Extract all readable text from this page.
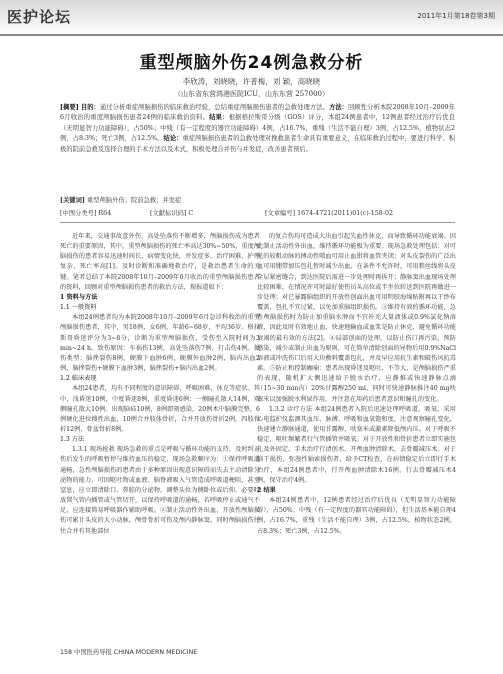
医护论坛	2011年1月第18卷第3期
重型颅脑外伤24例急救分析
李欣涛，刘晓晓，许普梅，刘 颖，高晓晓
（山东省东营鸿港医院ICU，山东东营 257000）
[摘要] 目的：通过分析重症颅脑损伤的临床救治经验，总结重症颅脑损伤患者的急救处理方法。方法：回顾性分析本院2008年10月–2009年6月收治的重度颅脑损伤患者24例的临床救治资料。结果：根据格拉斯哥分级（GOS）评分，本组24例患者中，12例患者经过治疗后优良（无明显智力功能障碍），占50%；中残（有一定程度的器官功能障碍）4例，占16.7%，重残（生活不能自理）3例，占12.5%，植物状态2例，占8.3%；死亡3例，占12.5%。结论：重症颅脑损伤患者的急救处理对挽救患者生命具有重要意义，在临床救治过程中，要进行科学、积极的院前急救及选择合理的手术方法以及术式，积极处理合并伤与并发症，改善患者预后。
[关键词] 重型颅脑外伤；院前急救；并发症
[中图分类号] R64	[文献标识码] C	[文章编号] 1674-4721(2011)01(c)-158-02

近年来，交通事故意外伤、高处坠落伤不断增多，颅脑损伤成为患者死亡的重要原因，其中，重型颅脑损伤的死亡率高达30%~50%，重度颅脑损伤的患者容易迅速时间长，病情变化快，并发症多，治疗困难，护理复杂，死亡率高[1]。及时诊断和准确地救治疗，是救治患者生命的关键。笔者总结了本院2008年10月–2009年6月收治的重型颅脑损伤患者的资料，回顾对重型颅脑损伤患者的救治方法，现报道如下：

1 资料与方法

1.1 一般资料

本组24例患者均为本院2008年10月–2009年6月急诊科收治的重型颅脑损伤患者，其中，男18例，女6例，年龄6~68岁，平均36岁。格拉斯哥昏迷评分为3~8分，诊断为重型颅脑损伤，受伤至入院时间为3 min~24 h。致伤原因：车祸伤13例，高处坠落伤7例，打击伤4例。损伤类型：脑挫裂伤8例，硬膜下血肿6例，硬膜外血肿2例，脑内出血2例，脑挫裂伤+硬膜下血肿3例，脑挫裂伤+脑内出血2例。

1.2 临床表现

本组24患者，均有不同程度的意识障碍，呼吸困难，休克等症状。其中，浅昏迷10例，中度昏迷8例，重度昏迷6例；一侧瞳孔散大14例，双侧瞳孔散大10例。出现脑疝10例，8例即刻感染，20例术中脑膜完整，6例硬化进位搜性出血，10例合并肢体骨折，合并开放伤骨折2例，四肢骨折12例，骨盆骨折8例。

1.3 方法

1.3.1 现场抢救 现场急救的重点是呼吸与循环功能的支持，及时纠正伤后发生的呼吸暂停与维持血压的稳定，现场急救顺序为：①保持呼吸道通畅，急性颅脑损伤的患者由于多种原因出现意识障碍而失去主动清除分泌物的能力，可因呕吐物或血液、脑脊液吸入气管造成呼吸道梗阻，甚至窒息，应立即清除口、鼻腔的分泌物，调整头位为侧卧位或后仰，必要时放置气管内插管或气管切开，以保持呼吸道的通畅，若呼吸停止或通气不足，应连接简易呼吸器作辅助呼吸。②制止活动性外出血，开放性颅脑损伤可累计头皮的大小动脉，颅骨骨折可伤及颅内静脉窦，同时颅脑损伤往往合并有其他部位

的复合伤均可造成大出血引起失血性休克，而导致循环功能衰竭。因此制止活动性外出血，维持循环功能极为重要。现场急救处理包括：对可见的较粗动脉的搏动性喷血可用止血钳将血管夹闭；对头皮裂伤的广泛出血可用绷带加压包扎暂时减少出血，在条件不允许时，可用粗丝线将头皮全层紧密缝合，到达医院后需进一步处理时再拆开；静脉窦出血现场处理比较困难，在情况许可时最好使伤员头高位或半坐位转送到医院再做进一步处理；对已暴露脑组织的开放性创面出血可用明胶海绵贴附再以干纱布覆盖，包扎不宜过紧，以免加重脑组织损伤。③维持有效的循环功能，急性颅脑损伤时为防止加重脑水肿而不宜补充大量液体或0.9%氯化钠溶液，因此及时有效地止血、快速地输血或血浆是防止休克，避免循环功能衰竭的最有效的方法[2]。④局部创面的处理，以防止伤口再污染，预防感染，减少或制止出血为原则，可在简单清除创面的异物后用0.9%NaCl溶液或冲洗伤口后用大块敷料覆盖包扎，并及早应用抗生素和破伤风抗毒素。⑤防止和控制癫痫：患者出现昏迷及呕吐，不等大，是颅脑损伤严重的表现，随机扩大侧迅速给予脱水治疗，应静推或快速静脉点滴（15~30 min内）20%甘露醇250 ml，同时可快速静脉推注40 mg呋塞米以加强脱水利尿作用，并注意在用药后患者意识和瞳孔的变化。

1.3.2 诊疗方法 本组24例患者入院后迅速处理呼吸道，吸氧，采用心电监护仪监测其血压、脉搏、呼吸和血氧饱和度，注意观察瞳孔变化，快速建立静脉通道，使用甘露醇、呋塞米或激素降低颅内压。对于呼吸不稳定，呕吐频繁者行气管插管并吸氧。对于开放性和骨折患者立即实施包扎及外固定。手术治疗行清创术、开颅血肿清除术，去骨瓣减压术。对于脑干损伤、弥漫性轴索损伤者，给予CT检查，在病情稳定后立即行手术治疗，本组24例患者中，行开颅血肿清除术16例，行去骨瓣减压术4例，保守治疗4例。

2 结果

本组24例患者中，12例患者经过治疗后优良（无明显智力功能障碍），占50%；中残（有一定程度的器官功能障碍），但生活基本能自理4例，占16.7%，重残（生活不能自理）3例，占12.5%，植物状态2例，占8.3%；死亡3例，占12.5%。

158 中国医药导报 CHINA MODERN MEDICINE
